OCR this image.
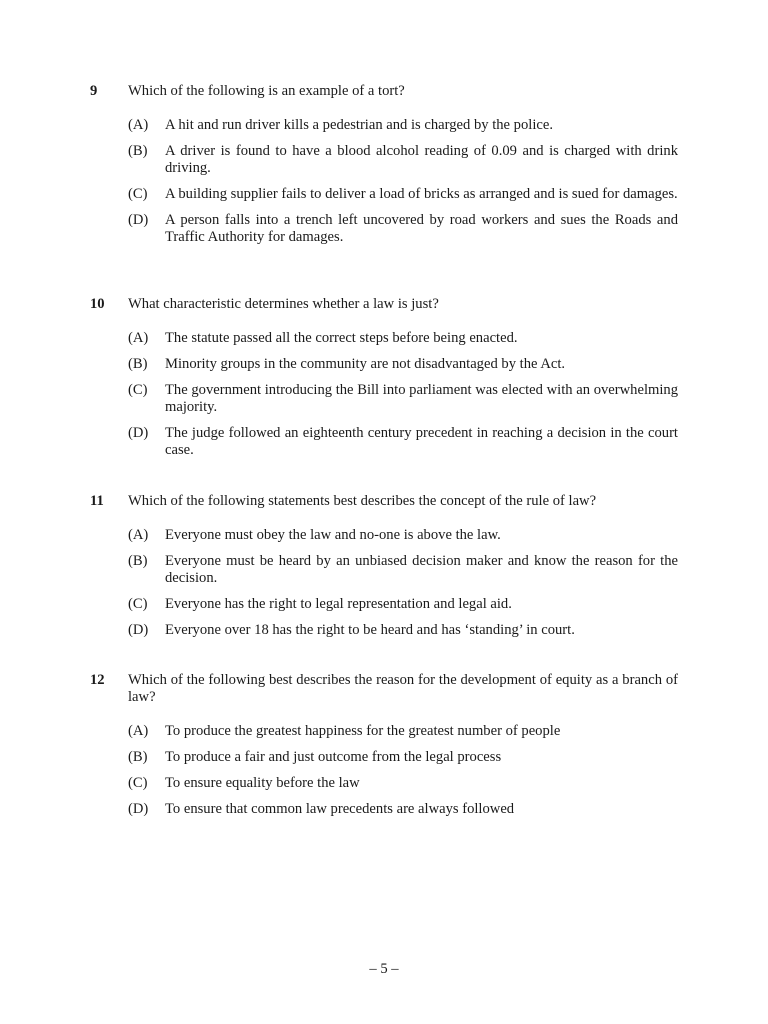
9 Which of the following is an example of a tort?
(A) A hit and run driver kills a pedestrian and is charged by the police.
(B) A driver is found to have a blood alcohol reading of 0.09 and is charged with drink driving.
(C) A building supplier fails to deliver a load of bricks as arranged and is sued for damages.
(D) A person falls into a trench left uncovered by road workers and sues the Roads and Traffic Authority for damages.
10 What characteristic determines whether a law is just?
(A) The statute passed all the correct steps before being enacted.
(B) Minority groups in the community are not disadvantaged by the Act.
(C) The government introducing the Bill into parliament was elected with an overwhelming majority.
(D) The judge followed an eighteenth century precedent in reaching a decision in the court case.
11 Which of the following statements best describes the concept of the rule of law?
(A) Everyone must obey the law and no-one is above the law.
(B) Everyone must be heard by an unbiased decision maker and know the reason for the decision.
(C) Everyone has the right to legal representation and legal aid.
(D) Everyone over 18 has the right to be heard and has ‘standing’ in court.
12 Which of the following best describes the reason for the development of equity as a branch of law?
(A) To produce the greatest happiness for the greatest number of people
(B) To produce a fair and just outcome from the legal process
(C) To ensure equality before the law
(D) To ensure that common law precedents are always followed
– 5 –
